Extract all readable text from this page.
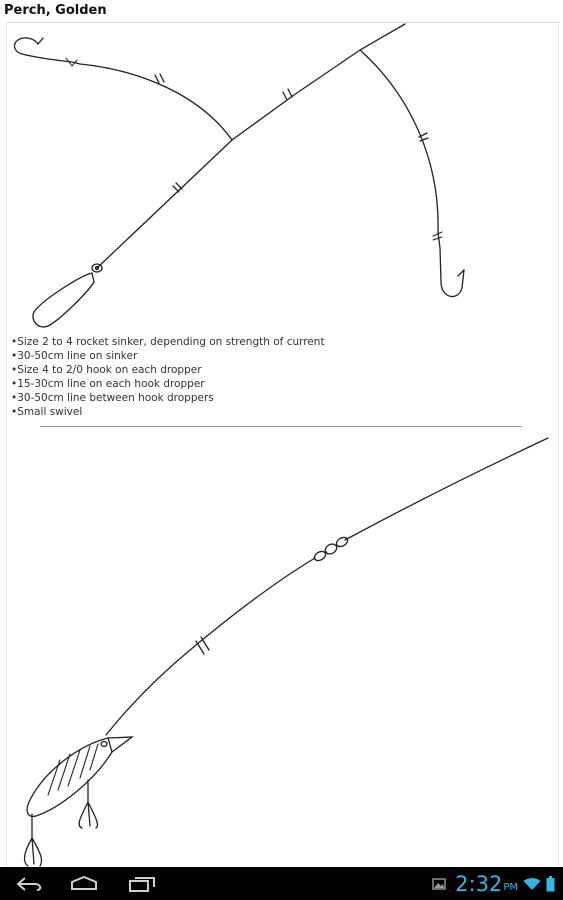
Perch, Golden
• Size 2 to 4 rocket sinker, depending on strength of current
• 30-50cm line on sinker
• Size 4 to 2/0 hook on each dropper
• 15-30cm line on each hook dropper
• 30-50cm line between hook droppers
• Small swivel
2:32 PM
